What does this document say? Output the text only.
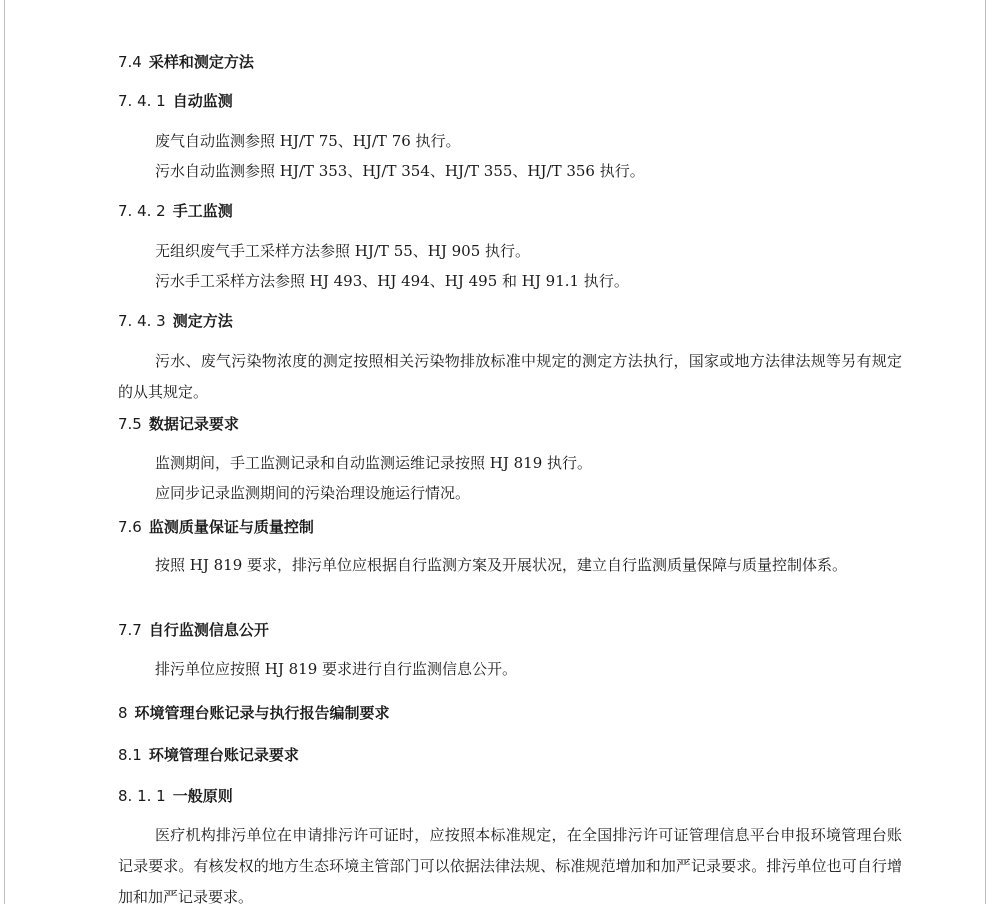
7.4 采样和测定方法
7. 4. 1 自动监测
废气自动监测参照 HJ/T 75、HJ/T 76 执行。
污水自动监测参照 HJ/T 353、HJ/T 354、HJ/T 355、HJ/T 356 执行。
7. 4. 2 手工监测
无组织废气手工采样方法参照 HJ/T 55、HJ 905 执行。
污水手工采样方法参照 HJ 493、HJ 494、HJ 495 和 HJ 91.1 执行。
7. 4. 3 测定方法
污水、废气污染物浓度的测定按照相关污染物排放标准中规定的测定方法执行，国家或地方法律法规等另有规定的从其规定。
7.5 数据记录要求
监测期间，手工监测记录和自动监测运维记录按照 HJ 819 执行。
应同步记录监测期间的污染治理设施运行情况。
7.6 监测质量保证与质量控制
按照 HJ 819 要求，排污单位应根据自行监测方案及开展状况，建立自行监测质量保障与质量控制体系。
7.7 自行监测信息公开
排污单位应按照 HJ 819 要求进行自行监测信息公开。
8 环境管理台账记录与执行报告编制要求
8.1 环境管理台账记录要求
8. 1. 1 一般原则
医疗机构排污单位在申请排污许可证时，应按照本标准规定，在全国排污许可证管理信息平台申报环境管理台账记录要求。有核发权的地方生态环境主管部门可以依据法律法规、标准规范增加和加严记录要求。排污单位也可自行增加和加严记录要求。
